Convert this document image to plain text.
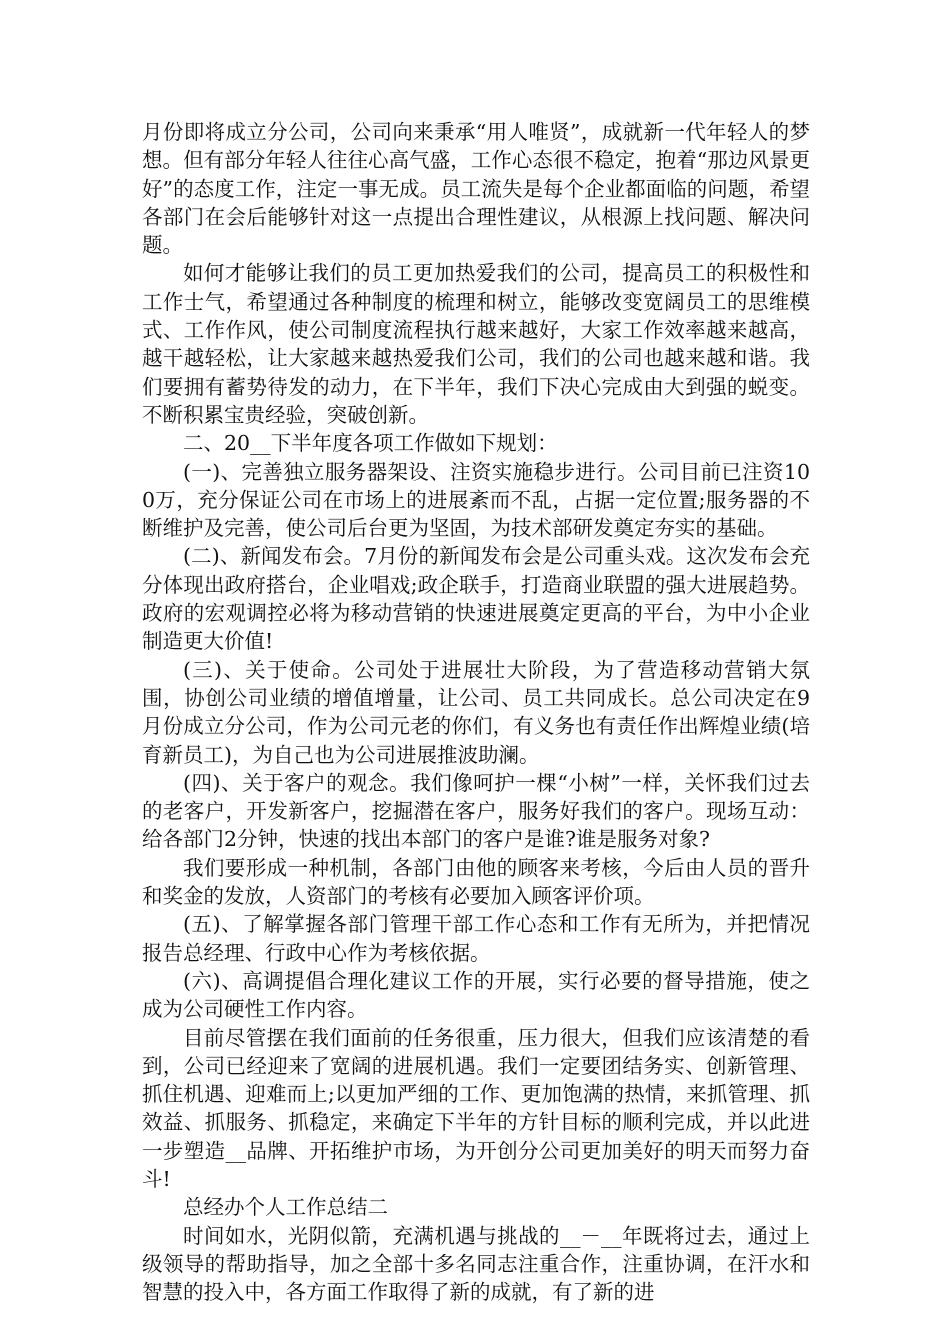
月份即将成立分公司，公司向来秉承“用人唯贤”，成就新一代年轻人的梦想。但有部分年轻人往往心高气盛，工作心态很不稳定，抱着“那边风景更好”的态度工作，注定一事无成。员工流失是每个企业都面临的问题，希望各部门在会后能够针对这一点提出合理性建议，从根源上找问题、解决问题。

如何才能够让我们的员工更加热爱我们的公司，提高员工的积极性和工作士气，希望通过各种制度的梳理和树立，能够改变宽阔员工的思维模式、工作作风，使公司制度流程执行越来越好，大家工作效率越来越高，越干越轻松，让大家越来越热爱我们公司，我们的公司也越来越和谐。我们要拥有蓄势待发的动力，在下半年，我们下决心完成由大到强的蜕变。不断积累宝贵经验，突破创新。

二、20__下半年度各项工作做如下规划：

(一)、完善独立服务器架设、注资实施稳步进行。公司目前已注资100万，充分保证公司在市场上的进展紊而不乱，占据一定位置;服务器的不断维护及完善，使公司后台更为坚固，为技术部研发奠定夯实的基础。

(二)、新闻发布会。7月份的新闻发布会是公司重头戏。这次发布会充分体现出政府搭台，企业唱戏;政企联手，打造商业联盟的强大进展趋势。政府的宏观调控必将为移动营销的快速进展奠定更高的平台，为中小企业制造更大价值!

(三)、关于使命。公司处于进展壮大阶段，为了营造移动营销大氛围，协创公司业绩的增值增量，让公司、员工共同成长。总公司决定在9月份成立分公司，作为公司元老的你们，有义务也有责任作出辉煌业绩(培育新员工)，为自己也为公司进展推波助澜。

(四)、关于客户的观念。我们像呵护一棵“小树”一样，关怀我们过去的老客户，开发新客户，挖掘潜在客户，服务好我们的客户。现场互动：给各部门2分钟，快速的找出本部门的客户是谁?谁是服务对象?

我们要形成一种机制，各部门由他的顾客来考核，今后由人员的晋升和奖金的发放，人资部门的考核有必要加入顾客评价项。

(五)、了解掌握各部门管理干部工作心态和工作有无所为，并把情况报告总经理、行政中心作为考核依据。

(六)、高调提倡合理化建议工作的开展，实行必要的督导措施，使之成为公司硬性工作内容。

目前尽管摆在我们面前的任务很重，压力很大，但我们应该清楚的看到，公司已经迎来了宽阔的进展机遇。我们一定要团结务实、创新管理、抓住机遇、迎难而上;以更加严细的工作、更加饱满的热情，来抓管理、抓效益、抓服务、抓稳定，来确定下半年的方针目标的顺利完成，并以此进一步塑造__品牌、开拓维护市场，为开创分公司更加美好的明天而努力奋斗!

总经办个人工作总结二

时间如水，光阴似箭，充满机遇与挑战的__－__年既将过去，通过上级领导的帮助指导，加之全部十多名同志注重合作，注重协调，在汗水和智慧的投入中，各方面工作取得了新的成就，有了新的进
